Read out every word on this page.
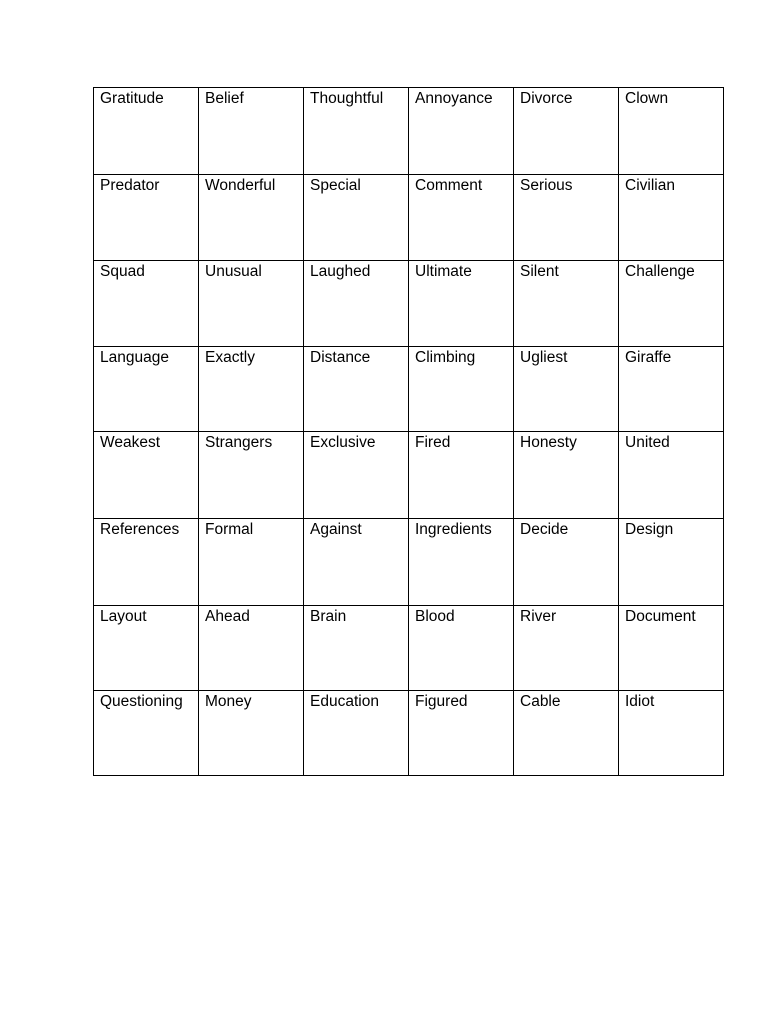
Gratitude	Belief	Thoughtful	Annoyance	Divorce	Clown
Predator	Wonderful	Special	Comment	Serious	Civilian
Squad	Unusual	Laughed	Ultimate	Silent	Challenge
Language	Exactly	Distance	Climbing	Ugliest	Giraffe
Weakest	Strangers	Exclusive	Fired	Honesty	United
References	Formal	Against	Ingredients	Decide	Design
Layout	Ahead	Brain	Blood	River	Document
Questioning	Money	Education	Figured	Cable	Idiot
